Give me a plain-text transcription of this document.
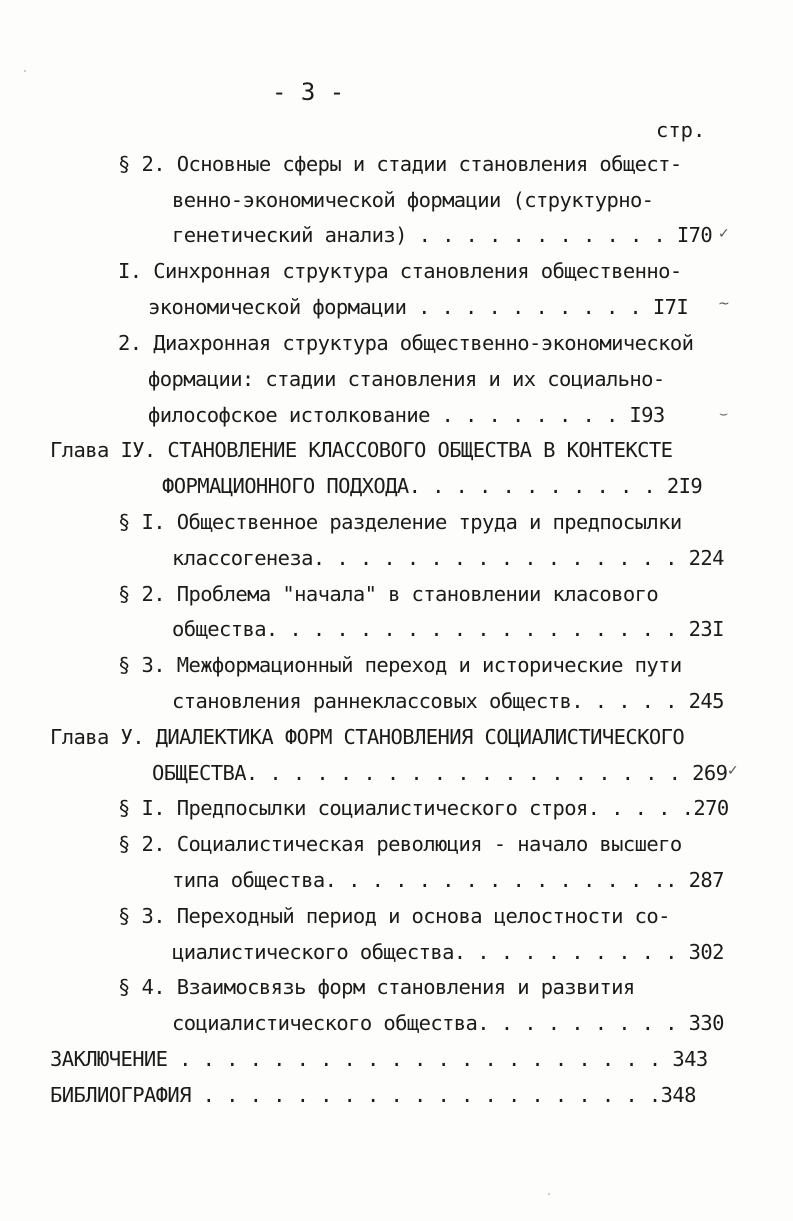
- 3 -
стр.
§ 2. Основные сферы и стадии становления общест-
венно-экономической формации (структурно-
генетический анализ) . . . . . . . . . . . I70
I. Синхронная структура становления общественно-
экономической формации . . . . . . . . . . I7I
2. Диахронная структура общественно-экономической
формации: стадии становления и их социально-
философское истолкование . . . . . . . . I93
Глава IУ. СТАНОВЛЕНИЕ КЛАССОВОГО ОБЩЕСТВА В КОНТЕКСТЕ
ФОРМАЦИОННОГО ПОДХОДА. . . . . . . . . . . 2I9
§ I. Общественное разделение труда и предпосылки
классогенеза. . . . . . . . . . . . . . . . 224
§ 2. Проблема "начала" в становлении класового
общества. . . . . . . . . . . . . . . . . . 23I
§ 3. Межформационный переход и исторические пути
становления раннеклассовых обществ. . . . . 245
Глава У. ДИАЛЕКТИКА ФОРМ СТАНОВЛЕНИЯ СОЦИАЛИСТИЧЕСКОГО
ОБЩЕСТВА. . . . . . . . . . . . . . . . . . . 269
§ I. Предпосылки социалистического строя. . . . .270
§ 2. Социалистическая революция - начало высшего
типа общества. . . . . . . . . . . . . . .. 287
§ 3. Переходный период и основа целостности со-
циалистического общества. . . . . . . . . . 302
§ 4. Взаимосвязь форм становления и развития
социалистического общества. . . . . . . . . 330
ЗАКЛЮЧЕНИЕ . . . . . . . . . . . . . . . . . . . . . 343
БИБЛИОГРАФИЯ . . . . . . . . . . . . . . . . . . . .348
✓
~
⌣
✓
